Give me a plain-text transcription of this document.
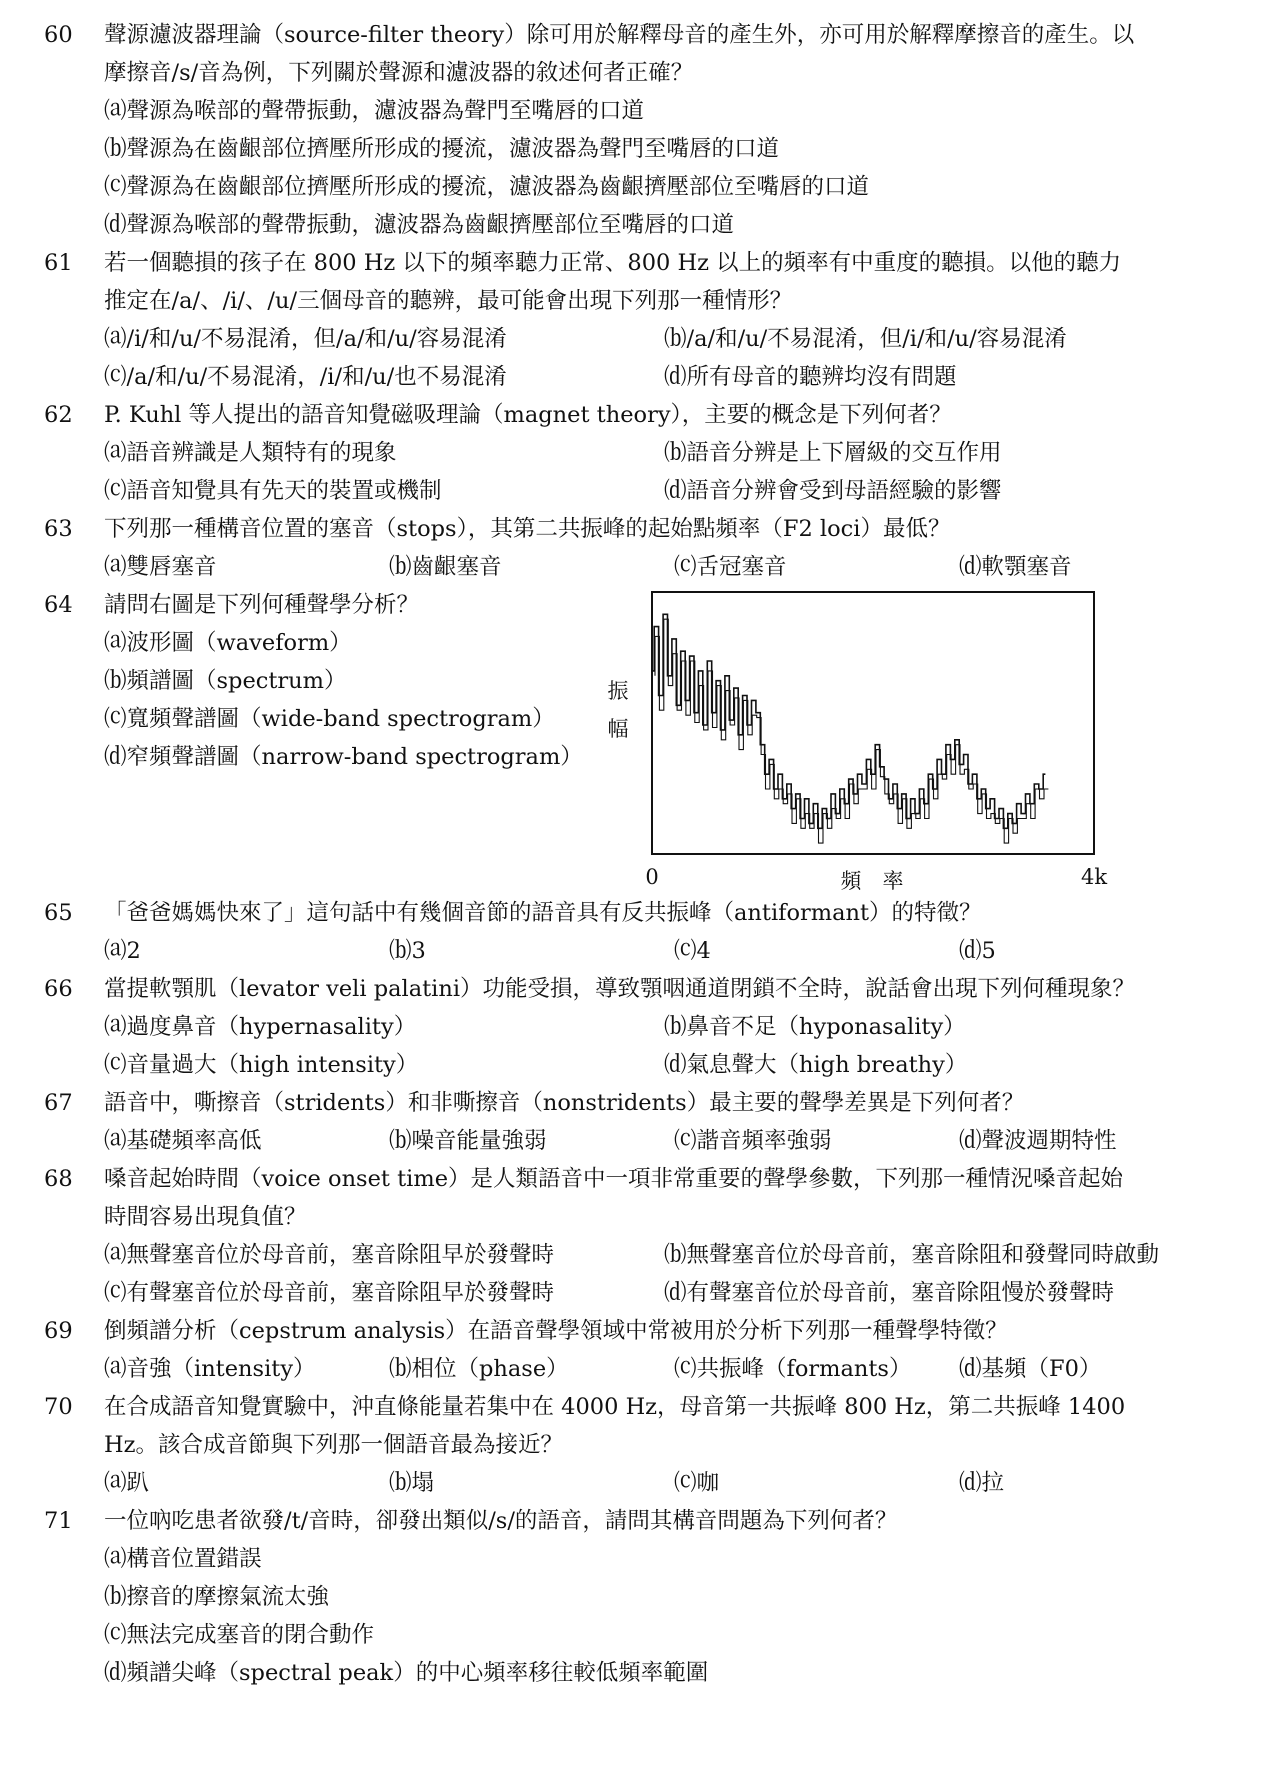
60	聲源濾波器理論（source-filter theory）除可用於解釋母音的產生外，亦可用於解釋摩擦音的產生。以
摩擦音/s/音為例，下列關於聲源和濾波器的敘述何者正確？
⒜聲源為喉部的聲帶振動，濾波器為聲門至嘴唇的口道
⒝聲源為在齒齦部位擠壓所形成的擾流，濾波器為聲門至嘴唇的口道
⒞聲源為在齒齦部位擠壓所形成的擾流，濾波器為齒齦擠壓部位至嘴唇的口道
⒟聲源為喉部的聲帶振動，濾波器為齒齦擠壓部位至嘴唇的口道
61	若一個聽損的孩子在 800 Hz 以下的頻率聽力正常、800 Hz 以上的頻率有中重度的聽損。以他的聽力
推定在/a/、/i/、/u/三個母音的聽辨，最可能會出現下列那一種情形？
⒜/i/和/u/不易混淆，但/a/和/u/容易混淆	⒝/a/和/u/不易混淆，但/i/和/u/容易混淆
⒞/a/和/u/不易混淆，/i/和/u/也不易混淆	⒟所有母音的聽辨均沒有問題
62	P. Kuhl 等人提出的語音知覺磁吸理論（magnet theory），主要的概念是下列何者？
⒜語音辨識是人類特有的現象	⒝語音分辨是上下層級的交互作用
⒞語音知覺具有先天的裝置或機制	⒟語音分辨會受到母語經驗的影響
63	下列那一種構音位置的塞音（stops），其第二共振峰的起始點頻率（F2 loci）最低？
⒜雙唇塞音	⒝齒齦塞音	⒞舌冠塞音	⒟軟顎塞音
64	請問右圖是下列何種聲學分析？
⒜波形圖（waveform）
⒝頻譜圖（spectrum）
⒞寬頻聲譜圖（wide-band spectrogram）
⒟窄頻聲譜圖（narrow-band spectrogram）
振
幅
0	4k
頻　率
65	「爸爸媽媽快來了」這句話中有幾個音節的語音具有反共振峰（antiformant）的特徵？
⒜2	⒝3	⒞4	⒟5
66	當提軟顎肌（levator veli palatini）功能受損，導致顎咽通道閉鎖不全時，說話會出現下列何種現象？
⒜過度鼻音（hypernasality）	⒝鼻音不足（hyponasality）
⒞音量過大（high intensity）	⒟氣息聲大（high breathy）
67	語音中，嘶擦音（stridents）和非嘶擦音（nonstridents）最主要的聲學差異是下列何者？
⒜基礎頻率高低	⒝噪音能量強弱	⒞諧音頻率強弱	⒟聲波週期特性
68	嗓音起始時間（voice onset time）是人類語音中一項非常重要的聲學參數，下列那一種情況嗓音起始
時間容易出現負值？
⒜無聲塞音位於母音前，塞音除阻早於發聲時	⒝無聲塞音位於母音前，塞音除阻和發聲同時啟動
⒞有聲塞音位於母音前，塞音除阻早於發聲時	⒟有聲塞音位於母音前，塞音除阻慢於發聲時
69	倒頻譜分析（cepstrum analysis）在語音聲學領域中常被用於分析下列那一種聲學特徵？
⒜音強（intensity）	⒝相位（phase）	⒞共振峰（formants）	⒟基頻（F0）
70	在合成語音知覺實驗中，沖直條能量若集中在 4000 Hz，母音第一共振峰 800 Hz，第二共振峰 1400
Hz。該合成音節與下列那一個語音最為接近？
⒜趴	⒝塌	⒞咖	⒟拉
71	一位吶吃患者欲發/t/音時，卻發出類似/s/的語音，請問其構音問題為下列何者？
⒜構音位置錯誤
⒝擦音的摩擦氣流太強
⒞無法完成塞音的閉合動作
⒟頻譜尖峰（spectral peak）的中心頻率移往較低頻率範圍
